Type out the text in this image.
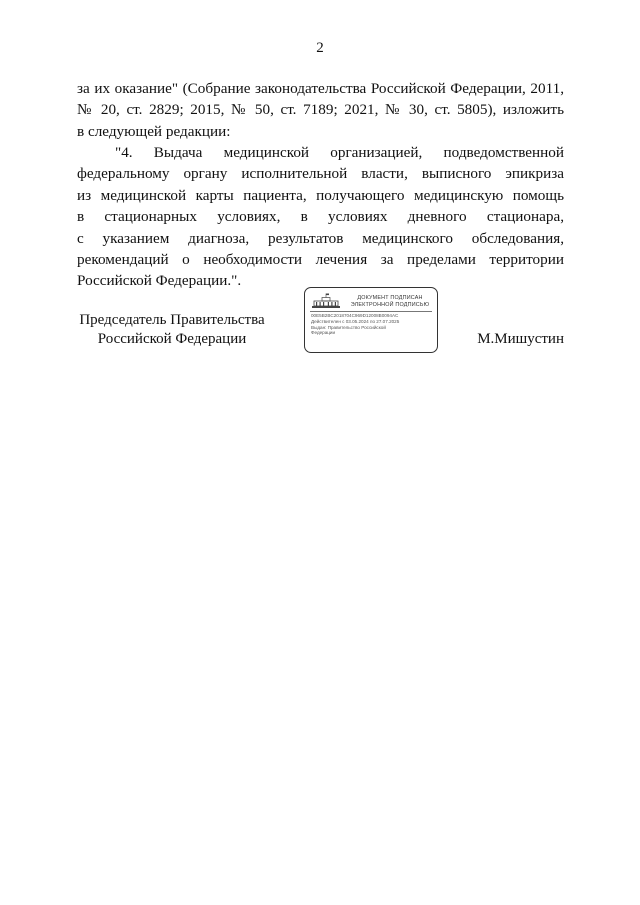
2
за их оказание" (Собрание законодательства Российской Федерации, 2011,
№ 20, ст. 2829; 2015, № 50, ст. 7189; 2021, № 30, ст. 5805), изложить
в следующей редакции:
"4. Выдача медицинской организацией, подведомственной
федеральному органу исполнительной власти, выписного эпикриза
из медицинской карты пациента, получающего медицинскую помощь
в стационарных условиях, в условиях дневного стационара,
с указанием диагноза, результатов медицинского обследования,
рекомендаций о необходимости лечения за пределами территории
Российской Федерации.".
Председатель Правительства
Российской Федерации
ДОКУМЕНТ ПОДПИСАН
ЭЛЕКТРОННОЙ ПОДПИСЬЮ
00E5B2BC2018704C969D12008B0094AC
Действителен с 03.05.2024 по 27.07.2025
Выдан: Правительство Российской
Федерации	М.Мишустин
